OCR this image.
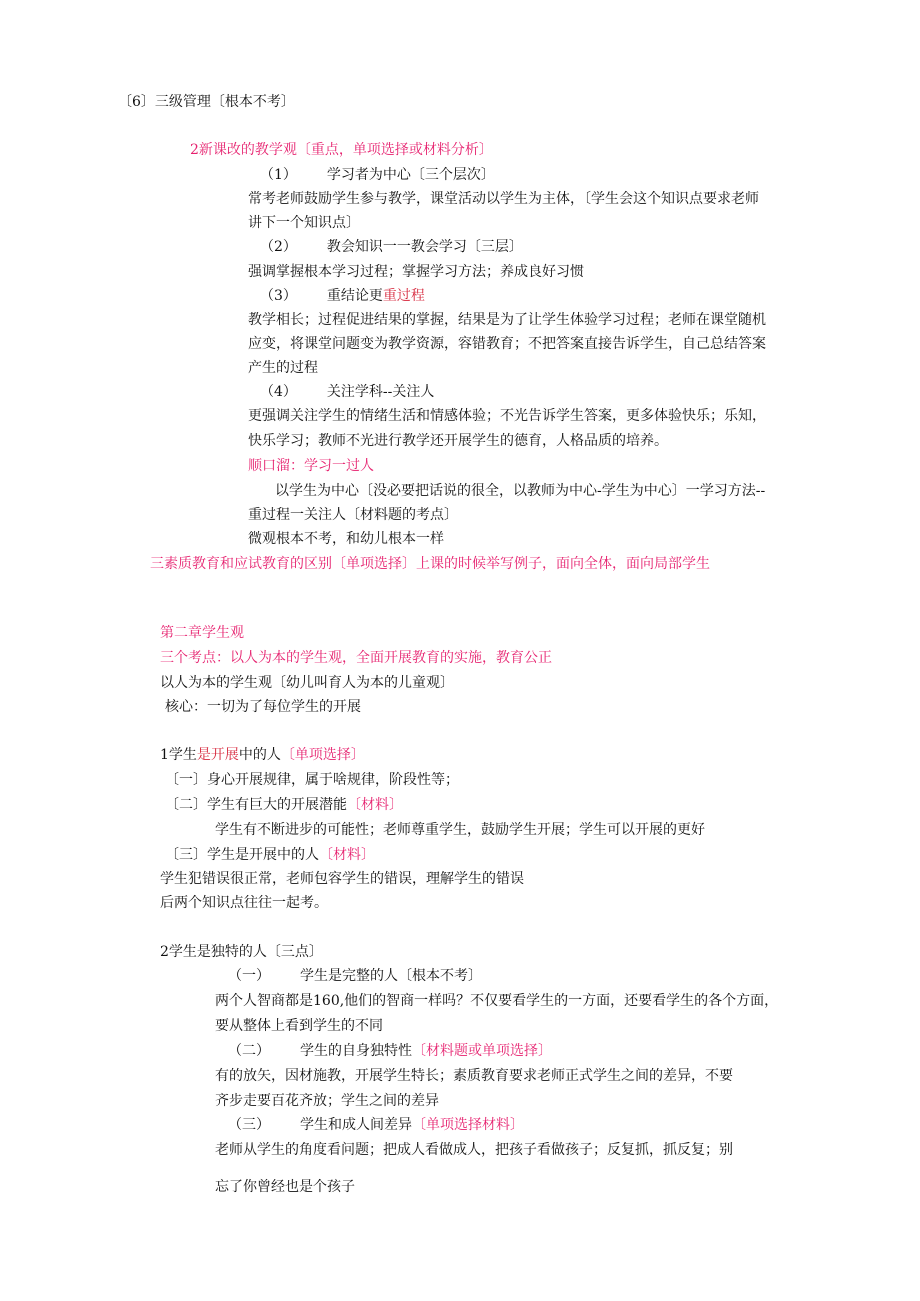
〔6〕三级管理〔根本不考〕
2新课改的教学观〔重点，单项选择或材料分析〕
（1） 学习者为中心〔三个层次〕
常考老师鼓励学生参与教学，课堂活动以学生为主体，〔学生会这个知识点要求老师
讲下一个知识点〕
（2） 教会知识一一教会学习〔三层〕
强调掌握根本学习过程；掌握学习方法；养成良好习惯
（3） 重结论更重过程
教学相长；过程促进结果的掌握，结果是为了让学生体验学习过程；老师在课堂随机
应变，将课堂问题变为教学资源，容错教育；不把答案直接告诉学生，自己总结答案
产生的过程
（4） 关注学科--关注人
更强调关注学生的情绪生活和情感体验；不光告诉学生答案，更多体验快乐；乐知，
快乐学习；教师不光进行教学还开展学生的德育，人格品质的培养。
顺口溜：学习一过人
以学生为中心〔没必要把话说的很全，以教师为中心-学生为中心〕一学习方法--
重过程一关注人〔材料题的考点〕
微观根本不考，和幼儿根本一样
三素质教育和应试教育的区别〔单项选择〕上课的时候举写例子，面向全体，面向局部学生
第二章学生观
三个考点：以人为本的学生观，全面开展教育的实施，教育公正
以人为本的学生观〔幼儿叫育人为本的儿童观〕
核心：一切为了每位学生的开展
1学生是开展中的人〔单项选择〕
〔一〕身心开展规律，属于啥规律，阶段性等；
〔二〕学生有巨大的开展潜能〔材料〕
学生有不断进步的可能性；老师尊重学生，鼓励学生开展；学生可以开展的更好
〔三〕学生是开展中的人〔材料〕
学生犯错误很正常，老师包容学生的错误，理解学生的错误
后两个知识点往往一起考。
2学生是独特的人〔三点〕
（一） 学生是完整的人〔根本不考〕
两个人智商都是160,他们的智商一样吗？不仅要看学生的一方面，还要看学生的各个方面，
要从整体上看到学生的不同
（二） 学生的自身独特性〔材料题或单项选择〕
有的放矢，因材施教，开展学生特长；素质教育要求老师正式学生之间的差异，不要
齐步走要百花齐放；学生之间的差异
（三） 学生和成人间差异〔单项选择材料〕
老师从学生的角度看问题；把成人看做成人，把孩子看做孩子；反复抓，抓反复；别
忘了你曾经也是个孩子
